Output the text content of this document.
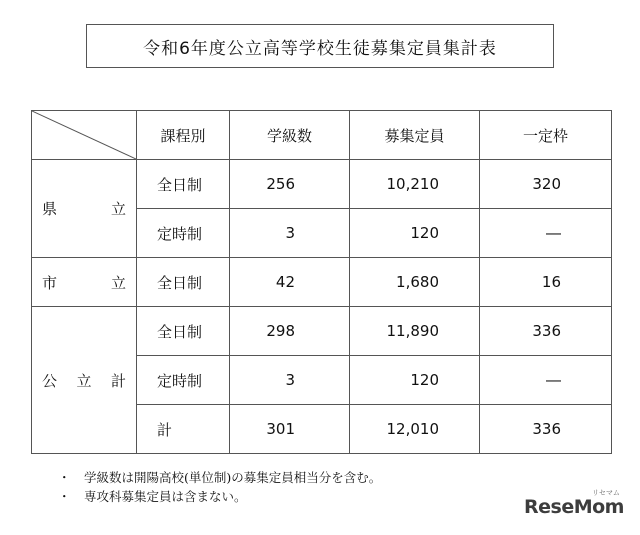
令和6年度公立高等学校生徒募集定員集計表
	課程別	学級数	募集定員	一定枠

県 立	全日制	256	10,210	320
	定時制	3	120	―

市 立	全日制	42	1,680	16

公 立 計	全日制	298	11,890	336
	定時制	3	120	―
	計	301	12,010	336
・	学級数は開陽高校(単位制)の募集定員相当分を含む。
・	専攻科募集定員は含まない。	リセマム
ReseMom
